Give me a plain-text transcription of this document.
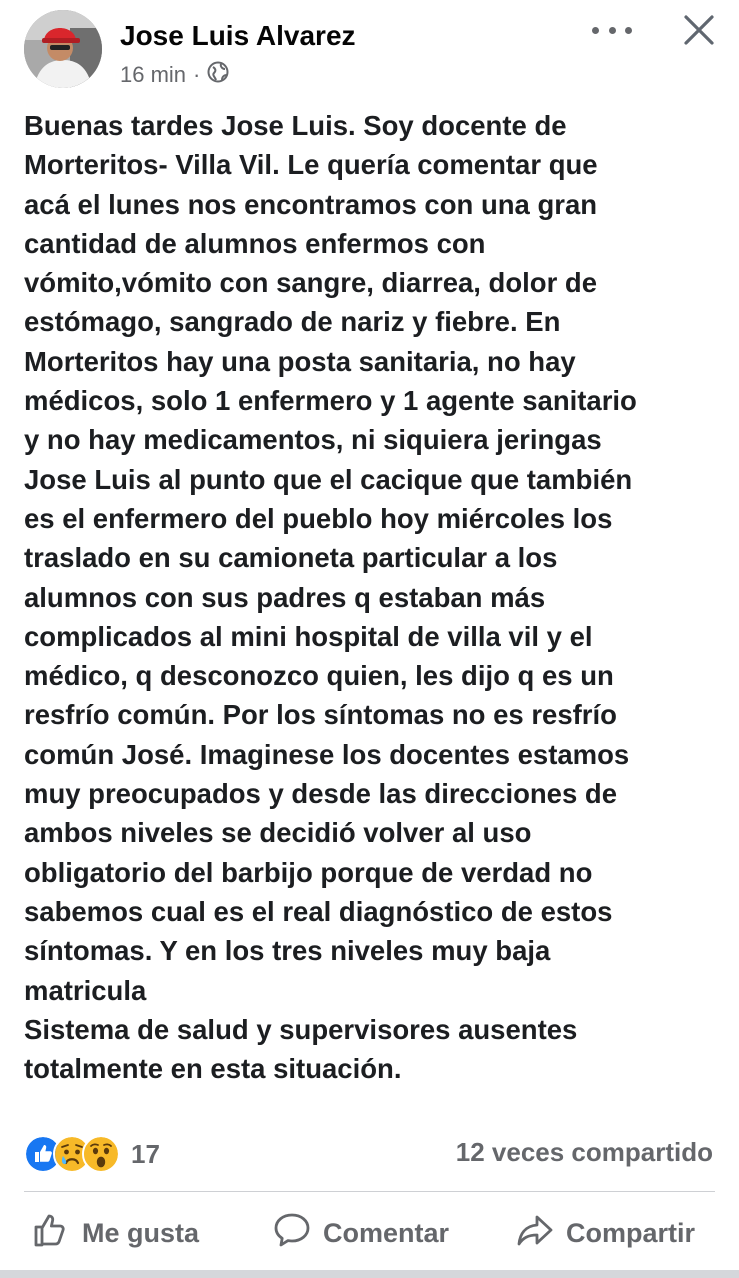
Jose Luis Alvarez
16 min ·

Buenas tardes Jose Luis. Soy docente de

Morteritos- Villa Vil. Le quería comentar que

acá el lunes nos encontramos con una gran

cantidad de alumnos enfermos con

vómito,vómito con sangre, diarrea, dolor de

estómago, sangrado de nariz y fiebre. En

Morteritos hay una posta sanitaria, no hay

médicos, solo 1 enfermero y 1 agente sanitario

y no hay medicamentos, ni siquiera jeringas

Jose Luis al punto que el cacique que también

es el enfermero del pueblo hoy miércoles los

traslado en su camioneta particular a los

alumnos con sus padres q estaban más

complicados al mini hospital de villa vil y el

médico, q desconozco quien, les dijo q es un

resfrío común. Por los síntomas no es resfrío

común José. Imaginese los docentes estamos

muy preocupados y desde las direcciones de

ambos niveles se decidió volver al uso

obligatorio del barbijo porque de verdad no

sabemos cual es el real diagnóstico de estos

síntomas. Y en los tres niveles muy baja

matricula

Sistema de salud y supervisores ausentes

totalmente en esta situación.

17	12 veces compartido
Me gusta	Comentar	Compartir
